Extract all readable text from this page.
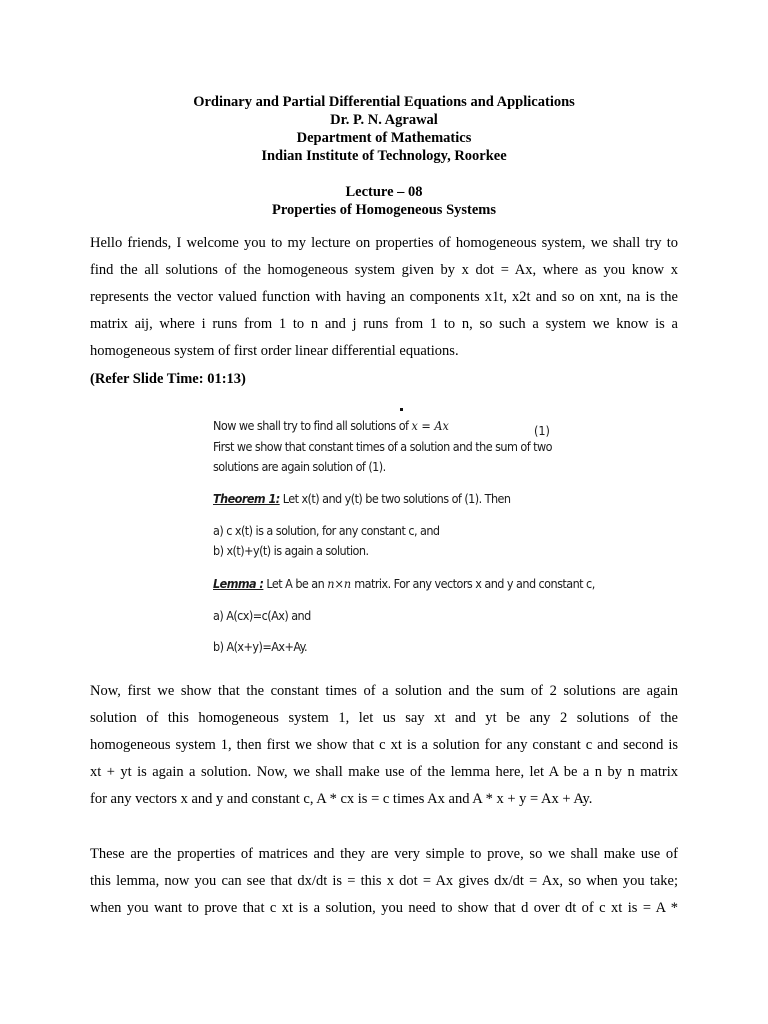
Ordinary and Partial Differential Equations and Applications
Dr. P. N. Agrawal
Department of Mathematics
Indian Institute of Technology, Roorkee
Lecture – 08
Properties of Homogeneous Systems
Hello friends, I welcome you to my lecture on properties of homogeneous system, we shall try to
find the all solutions of the homogeneous system given by x dot = Ax, where as you know x
represents the vector valued function with having an components x1t, x2t and so on xnt, na is the
matrix aij, where i runs from 1 to n and j runs from 1 to n, so such a system we know is a
homogeneous system of first order linear differential equations.
(Refer Slide Time: 01:13)
Now we shall try to find all solutions of x = Ax	(1)
First we show that constant times of a solution and the sum of two
solutions are again solution of (1).
Theorem 1: Let x(t) and y(t) be two solutions of (1). Then
a) c x(t) is a solution, for any constant c, and
b) x(t)+y(t) is again a solution.
Lemma : Let A be an n×n matrix. For any vectors x and y and constant c,
a) A(cx)=c(Ax) and
b) A(x+y)=Ax+Ay.
Now, first we show that the constant times of a solution and the sum of 2 solutions are again
solution of this homogeneous system 1, let us say xt and yt be any 2 solutions of the
homogeneous system 1, then first we show that c xt is a solution for any constant c and second is
xt + yt is again a solution. Now, we shall make use of the lemma here, let A be a n by n matrix
for any vectors x and y and constant c, A * cx is = c times Ax and A * x + y = Ax + Ay.
These are the properties of matrices and they are very simple to prove, so we shall make use of
this lemma, now you can see that dx/dt is = this x dot = Ax gives dx/dt = Ax, so when you take;
when you want to prove that c xt is a solution, you need to show that d over dt of c xt is = A *
